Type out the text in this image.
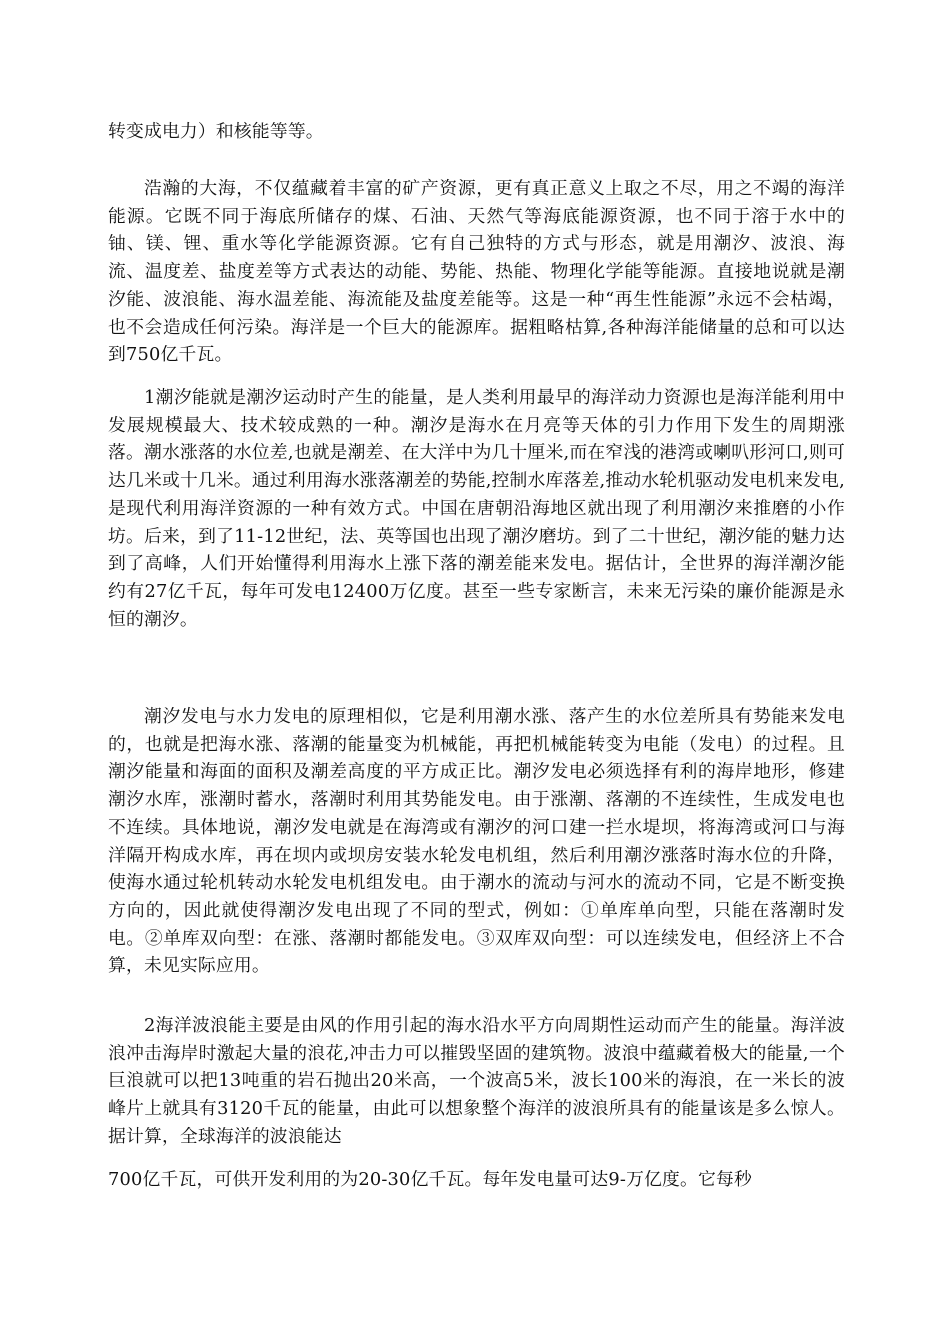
转变成电力）和核能等等。

浩瀚的大海，不仅蕴藏着丰富的矿产资源，更有真正意义上取之不尽，用之不竭的海洋能源。它既不同于海底所储存的煤、石油、天然气等海底能源资源，也不同于溶于水中的铀、镁、锂、重水等化学能源资源。它有自己独特的方式与形态，就是用潮汐、波浪、海流、温度差、盐度差等方式表达的动能、势能、热能、物理化学能等能源。直接地说就是潮汐能、波浪能、海水温差能、海流能及盐度差能等。这是一种“再生性能源”永远不会枯竭，也不会造成任何污染。海洋是一个巨大的能源库。据粗略枯算,各种海洋能储量的总和可以达到750亿千瓦。

1潮汐能就是潮汐运动时产生的能量，是人类利用最早的海洋动力资源也是海洋能利用中发展规模最大、技术较成熟的一种。潮汐是海水在月亮等天体的引力作用下发生的周期涨落。潮水涨落的水位差,也就是潮差、在大洋中为几十厘米,而在窄浅的港湾或喇叭形河口,则可达几米或十几米。通过利用海水涨落潮差的势能,控制水库落差,推动水轮机驱动发电机来发电,是现代利用海洋资源的一种有效方式。中国在唐朝沿海地区就出现了利用潮汐来推磨的小作坊。后来，到了11-12世纪，法、英等国也出现了潮汐磨坊。到了二十世纪，潮汐能的魅力达到了高峰，人们开始懂得利用海水上涨下落的潮差能来发电。据估计，全世界的海洋潮汐能约有27亿千瓦，每年可发电12400万亿度。甚至一些专家断言，未来无污染的廉价能源是永恒的潮汐。

潮汐发电与水力发电的原理相似，它是利用潮水涨、落产生的水位差所具有势能来发电的，也就是把海水涨、落潮的能量变为机械能，再把机械能转变为电能（发电）的过程。且潮汐能量和海面的面积及潮差高度的平方成正比。潮汐发电必须选择有利的海岸地形，修建潮汐水库，涨潮时蓄水，落潮时利用其势能发电。由于涨潮、落潮的不连续性，生成发电也不连续。具体地说，潮汐发电就是在海湾或有潮汐的河口建一拦水堤坝，将海湾或河口与海洋隔开构成水库，再在坝内或坝房安装水轮发电机组，然后利用潮汐涨落时海水位的升降，使海水通过轮机转动水轮发电机组发电。由于潮水的流动与河水的流动不同，它是不断变换方向的，因此就使得潮汐发电出现了不同的型式，例如：①单库单向型，只能在落潮时发电。②单库双向型：在涨、落潮时都能发电。③双库双向型：可以连续发电，但经济上不合算，未见实际应用。

2海洋波浪能主要是由风的作用引起的海水沿水平方向周期性运动而产生的能量。海洋波浪冲击海岸时激起大量的浪花,冲击力可以摧毁坚固的建筑物。波浪中蕴藏着极大的能量,一个巨浪就可以把13吨重的岩石抛出20米高，一个波高5米，波长100米的海浪，在一米长的波峰片上就具有3120千瓦的能量，由此可以想象整个海洋的波浪所具有的能量该是多么惊人。据计算，全球海洋的波浪能达

700亿千瓦，可供开发利用的为20-30亿千瓦。每年发电量可达9-万亿度。它每秒
